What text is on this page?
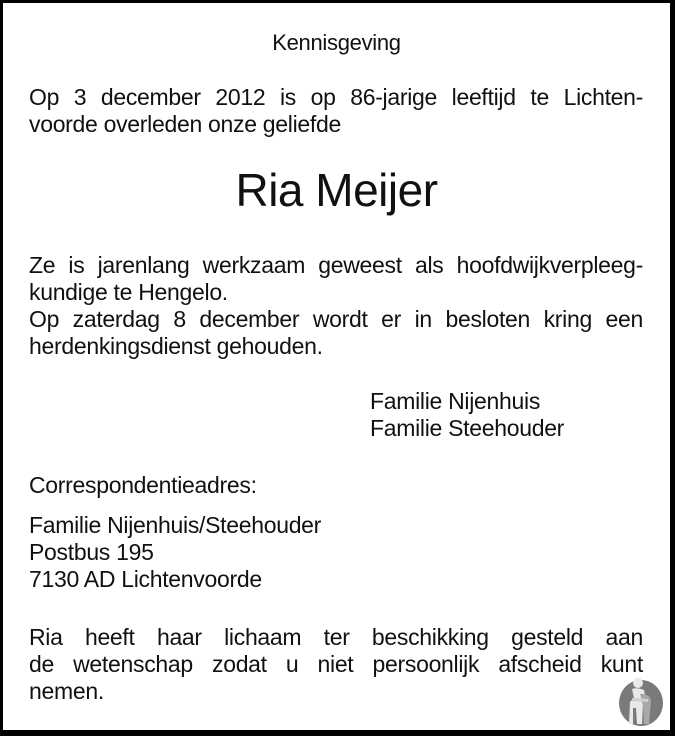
Kennisgeving
Op 3 december 2012 is op 86-jarige leeftijd te Lichten-
voorde overleden onze geliefde
Ria Meijer
Ze is jarenlang werkzaam geweest als hoofdwijkverpleeg-
kundige te Hengelo.
Op zaterdag 8 december wordt er in besloten kring een
herdenkingsdienst gehouden.
Familie Nijenhuis
Familie Steehouder
Correspondentieadres:
Familie Nijenhuis/Steehouder
Postbus 195
7130 AD Lichtenvoorde
Ria heeft haar lichaam ter beschikking gesteld aan
de wetenschap zodat u niet persoonlijk afscheid kunt
nemen.
